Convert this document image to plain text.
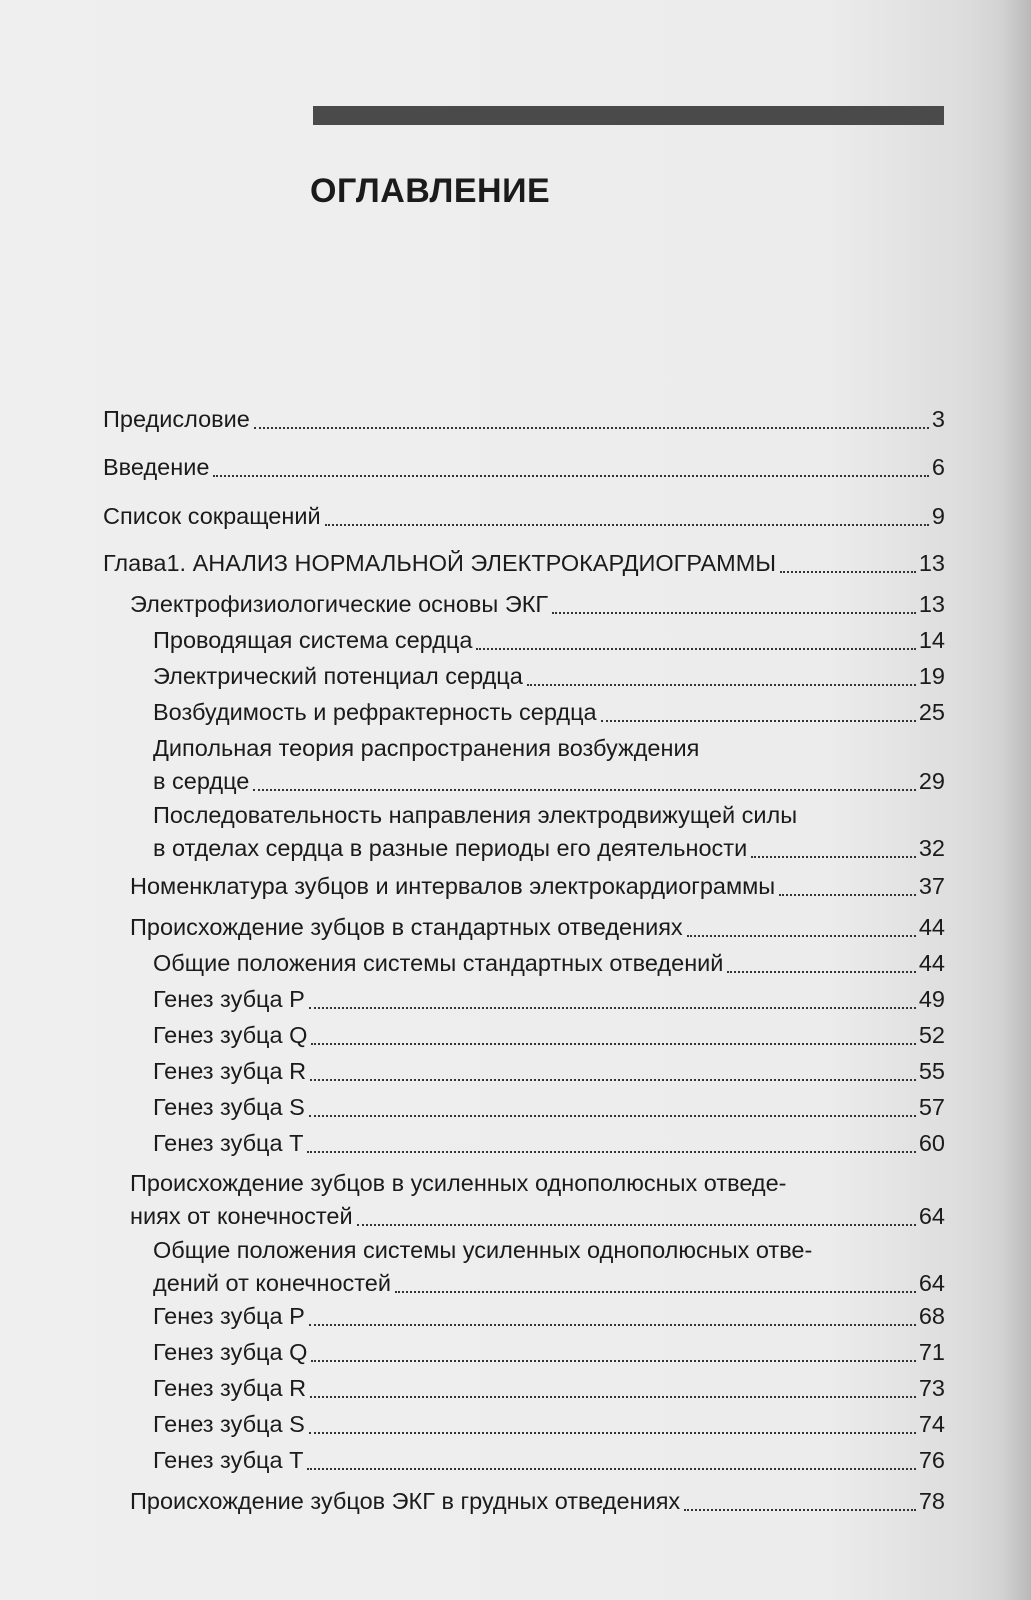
ОГЛАВЛЕНИЕ
Предисловие	3
Введение	6
Список сокращений	9
Глава1. АНАЛИЗ НОРМАЛЬНОЙ ЭЛЕКТРОКАРДИОГРАММЫ	13
Электрофизиологические основы ЭКГ	13
Проводящая система сердца	14
Электрический потенциал сердца	19
Возбудимость и рефрактерность сердца	25
Дипольная теория распространения возбуждения
в сердце	29
Последовательность направления электродвижущей силы
в отделах сердца в разные периоды его деятельности	32
Номенклатура зубцов и интервалов электрокардиограммы	37
Происхождение зубцов в стандартных отведениях	44
Общие положения системы стандартных отведений	44
Генез зубца P	49
Генез зубца Q	52
Генез зубца R	55
Генез зубца S	57
Генез зубца T	60
Происхождение зубцов в усиленных однополюсных отведе-
ниях от конечностей	64
Общие положения системы усиленных однополюсных отве-
дений от конечностей	64
Генез зубца P	68
Генез зубца Q	71
Генез зубца R	73
Генез зубца S	74
Генез зубца T	76
Происхождение зубцов ЭКГ в грудных отведениях	78
